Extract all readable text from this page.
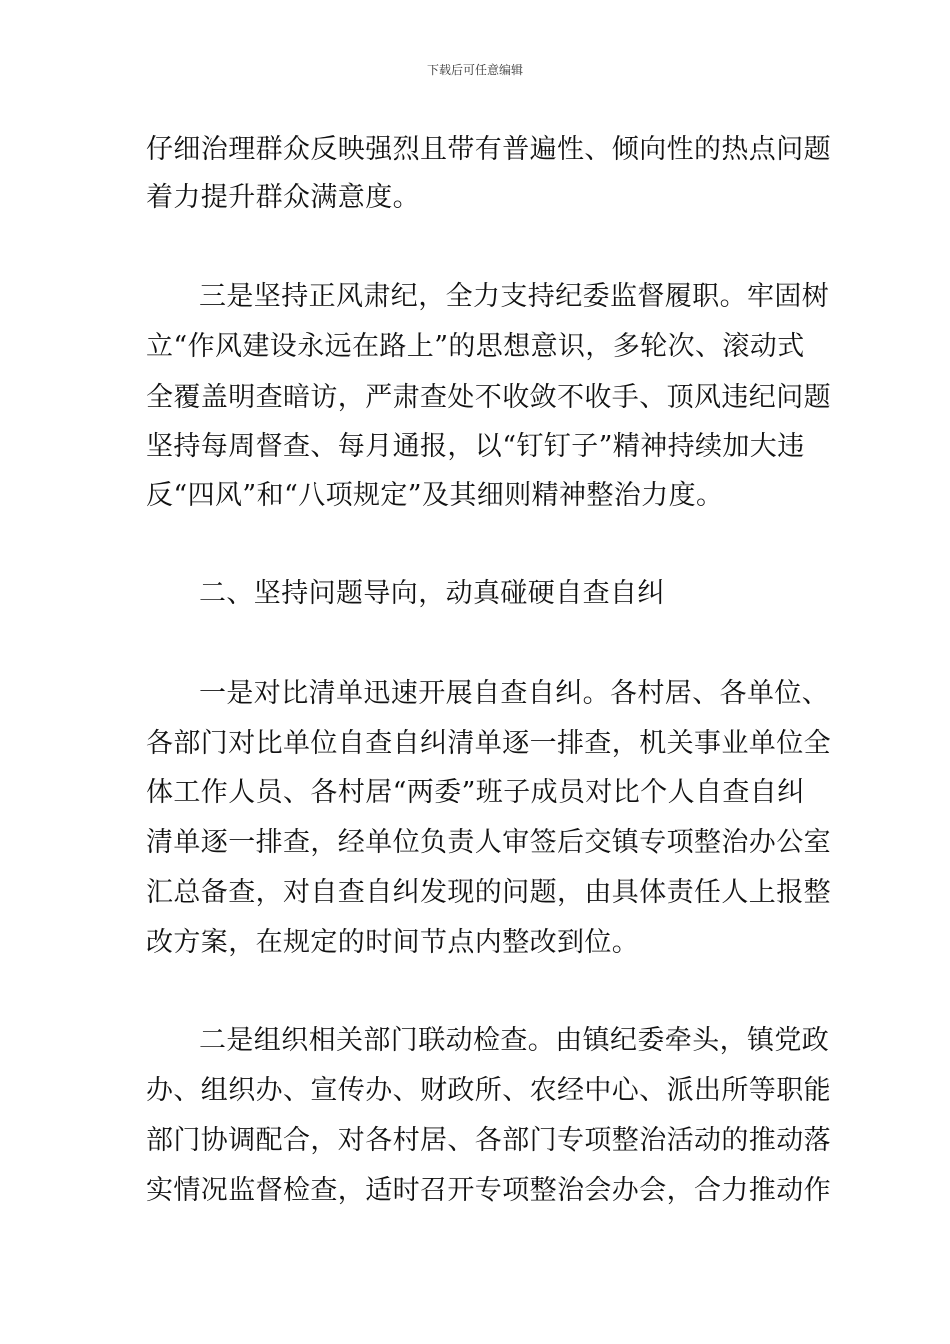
下载后可任意编辑
仔细治理群众反映强烈且带有普遍性、倾向性的热点问题
着力提升群众满意度。
三是坚持正风肃纪，全力支持纪委监督履职。牢固树
立“作风建设永远在路上”的思想意识，多轮次、滚动式
全覆盖明查暗访，严肃查处不收敛不收手、顶风违纪问题
坚持每周督查、每月通报，以“钉钉子”精神持续加大违
反“四风”和“八项规定”及其细则精神整治力度。
二、坚持问题导向，动真碰硬自查自纠
一是对比清单迅速开展自查自纠。各村居、各单位、
各部门对比单位自查自纠清单逐一排查，机关事业单位全
体工作人员、各村居“两委”班子成员对比个人自查自纠
清单逐一排查，经单位负责人审签后交镇专项整治办公室
汇总备查，对自查自纠发现的问题，由具体责任人上报整
改方案，在规定的时间节点内整改到位。
二是组织相关部门联动检查。由镇纪委牵头，镇党政
办、组织办、宣传办、财政所、农经中心、派出所等职能
部门协调配合，对各村居、各部门专项整治活动的推动落
实情况监督检查，适时召开专项整治会办会，合力推动作
